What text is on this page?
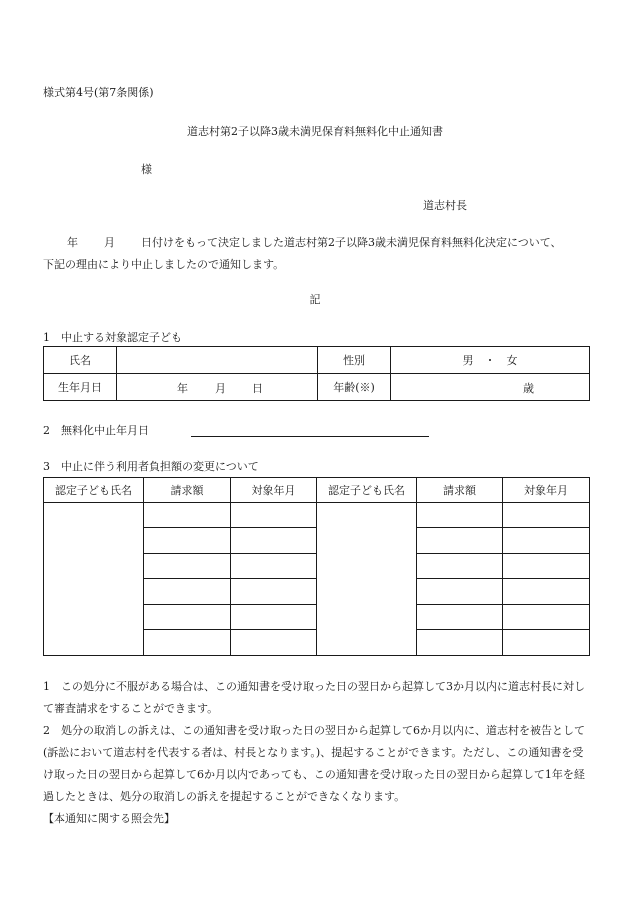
様式第4号(第7条関係)
道志村第2子以降3歳未満児保育料無料化中止通知書
様
道志村長
年 月 日付けをもって決定しました道志村第2子以降3歳未満児保育料無料化決定について、
下記の理由により中止しましたので通知します。
記
1　中止する対象認定子ども
氏名		性別	男　・　女
生年月日	年 月 日	年齢(※)	歳
2　無料化中止年月日
3　中止に伴う利用者負担額の変更について
認定子ども氏名	請求額	対象年月	認定子ども氏名	請求額	対象年月

1　この処分に不服がある場合は、この通知書を受け取った日の翌日から起算して3か月以内に道志村長に対して審査請求をすることができます。
2　処分の取消しの訴えは、この通知書を受け取った日の翌日から起算して6か月以内に、道志村を被告として(訴訟において道志村を代表する者は、村長となります。)、提起することができます。ただし、この通知書を受け取った日の翌日から起算して6か月以内であっても、この通知書を受け取った日の翌日から起算して1年を経過したときは、処分の取消しの訴えを提起することができなくなります。
【本通知に関する照会先】
